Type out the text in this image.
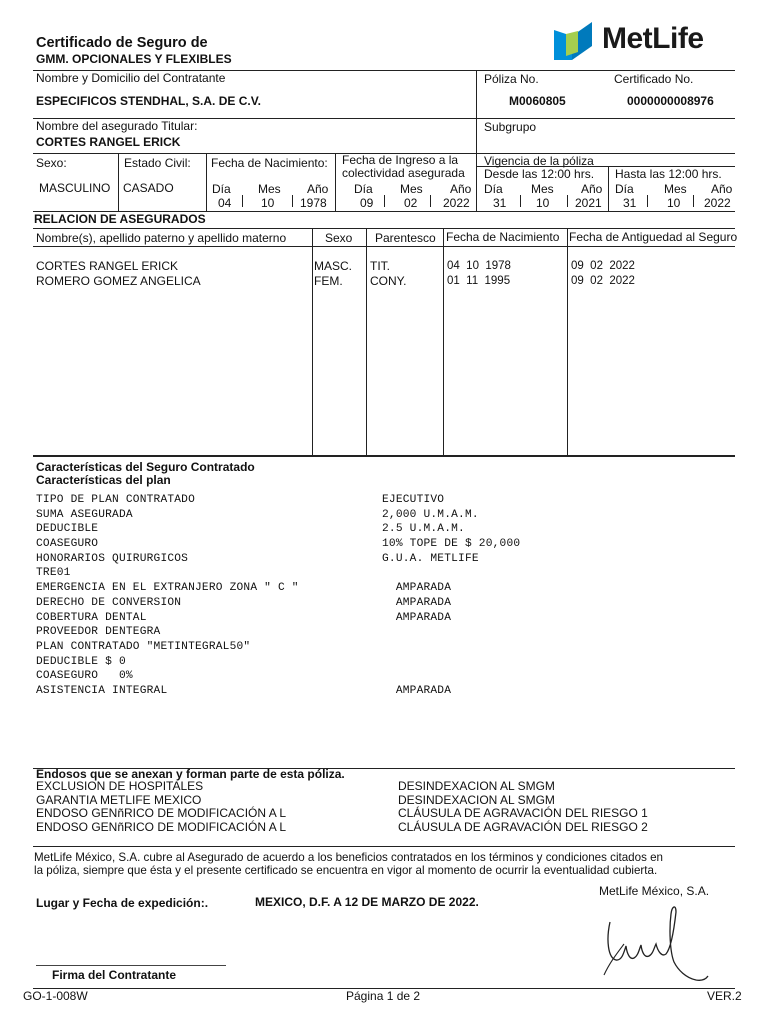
Certificado de Seguro de
GMM. OPCIONALES Y FLEXIBLES
MetLife
Nombre y Domicilio del Contratante
ESPECIFICOS STENDHAL, S.A. DE C.V.
Póliza No.
M0060805
Certificado No.
0000000008976
Nombre del asegurado Titular:
CORTES RANGEL ERICK
Subgrupo
Sexo:
MASCULINO
Estado Civil:
CASADO
Fecha de Nacimiento:
Día Mes Año
04 10 1978
Fecha de Ingreso a la
colectividad asegurada
Día Mes Año
09	02 2022
Vigencia de la póliza
Desde las 12:00 hrs. Hasta las 12:00 hrs.
Día Mes Año Día	Mes Año
31 10 2021 31	10 2022
RELACION DE ASEGURADOS
Nombre(s), apellido paterno y apellido materno	Sexo Parentesco Fecha de Nacimiento Fecha de Antiguedad al Seguro
CORTES RANGEL ERICK	MASC. TIT.	04  10  1978	09  02  2022
ROMERO GOMEZ ANGELICA	FEM. CONY.	01  11  1995	09  02  2022
Características del Seguro Contratado
Características del plan
TIPO DE PLAN CONTRATADO	EJECUTIVO
SUMA ASEGURADA	2,000 U.M.A.M.
DEDUCIBLE	2.5 U.M.A.M.
COASEGURO	10% TOPE DE $ 20,000
HONORARIOS QUIRURGICOS	G.U.A. METLIFE
TRE01
EMERGENCIA EN EL EXTRANJERO ZONA " C "	AMPARADA
DERECHO DE CONVERSION	AMPARADA
COBERTURA DENTAL	AMPARADA
PROVEEDOR DENTEGRA
PLAN CONTRATADO "METINTEGRAL50"
DEDUCIBLE $ 0
COASEGURO   0%
ASISTENCIA INTEGRAL	AMPARADA
Endosos que se anexan y forman parte de esta póliza.
EXCLUSION DE HOSPITALES
GARANTIA METLIFE MEXICO
ENDOSO GENñRICO DE MODIFICACIÓN A L
ENDOSO GENñRICO DE MODIFICACIÓN A L
DESINDEXACION AL SMGM
DESINDEXACION AL SMGM
CLÁUSULA DE AGRAVACIÓN DEL RIESGO 1
CLÁUSULA DE AGRAVACIÓN DEL RIESGO 2
MetLife México, S.A. cubre al Asegurado de acuerdo a los beneficios contratados en los términos y condiciones citados en
la póliza, siempre que ésta y el presente certificado se encuentra en vigor al momento de ocurrir la eventualidad cubierta.
MetLife México, S.A.
Lugar y Fecha de expedición:.	MEXICO, D.F. A 12 DE MARZO DE 2022.
Firma del Contratante
GO-1-008W	Página 1 de 2	VER.2
